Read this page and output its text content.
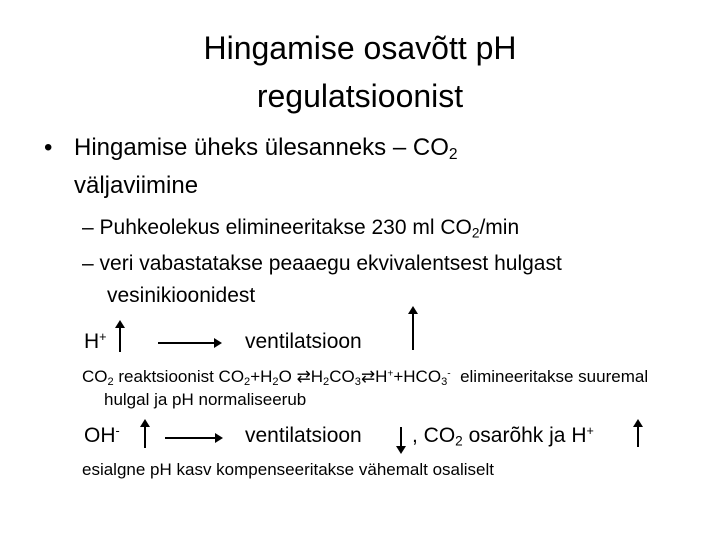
Hingamise osavõtt pH
regulatsioonist
• Hingamise üheks ülesanneks – $CO_2$
väljaviimine
– Puhkeolekus elimineeritakse 230 ml $CO_2/\min$
– veri vabastatakse peaaegu ekvivalentsest hulgast
vesinikioonidest
H+	ventilatsioon
$CO_2$ reaktsioonist $CO_2+H_2O$ $⇄H_2CO_3⇄H^++HCO_3^-$  elimineeritakse suuremal
hulgal ja pH normaliseerub
OH-	ventilatsioon , $CO_2$ osarõhk ja H+
esialgne pH kasv kompenseeritakse vähemalt osaliselt
